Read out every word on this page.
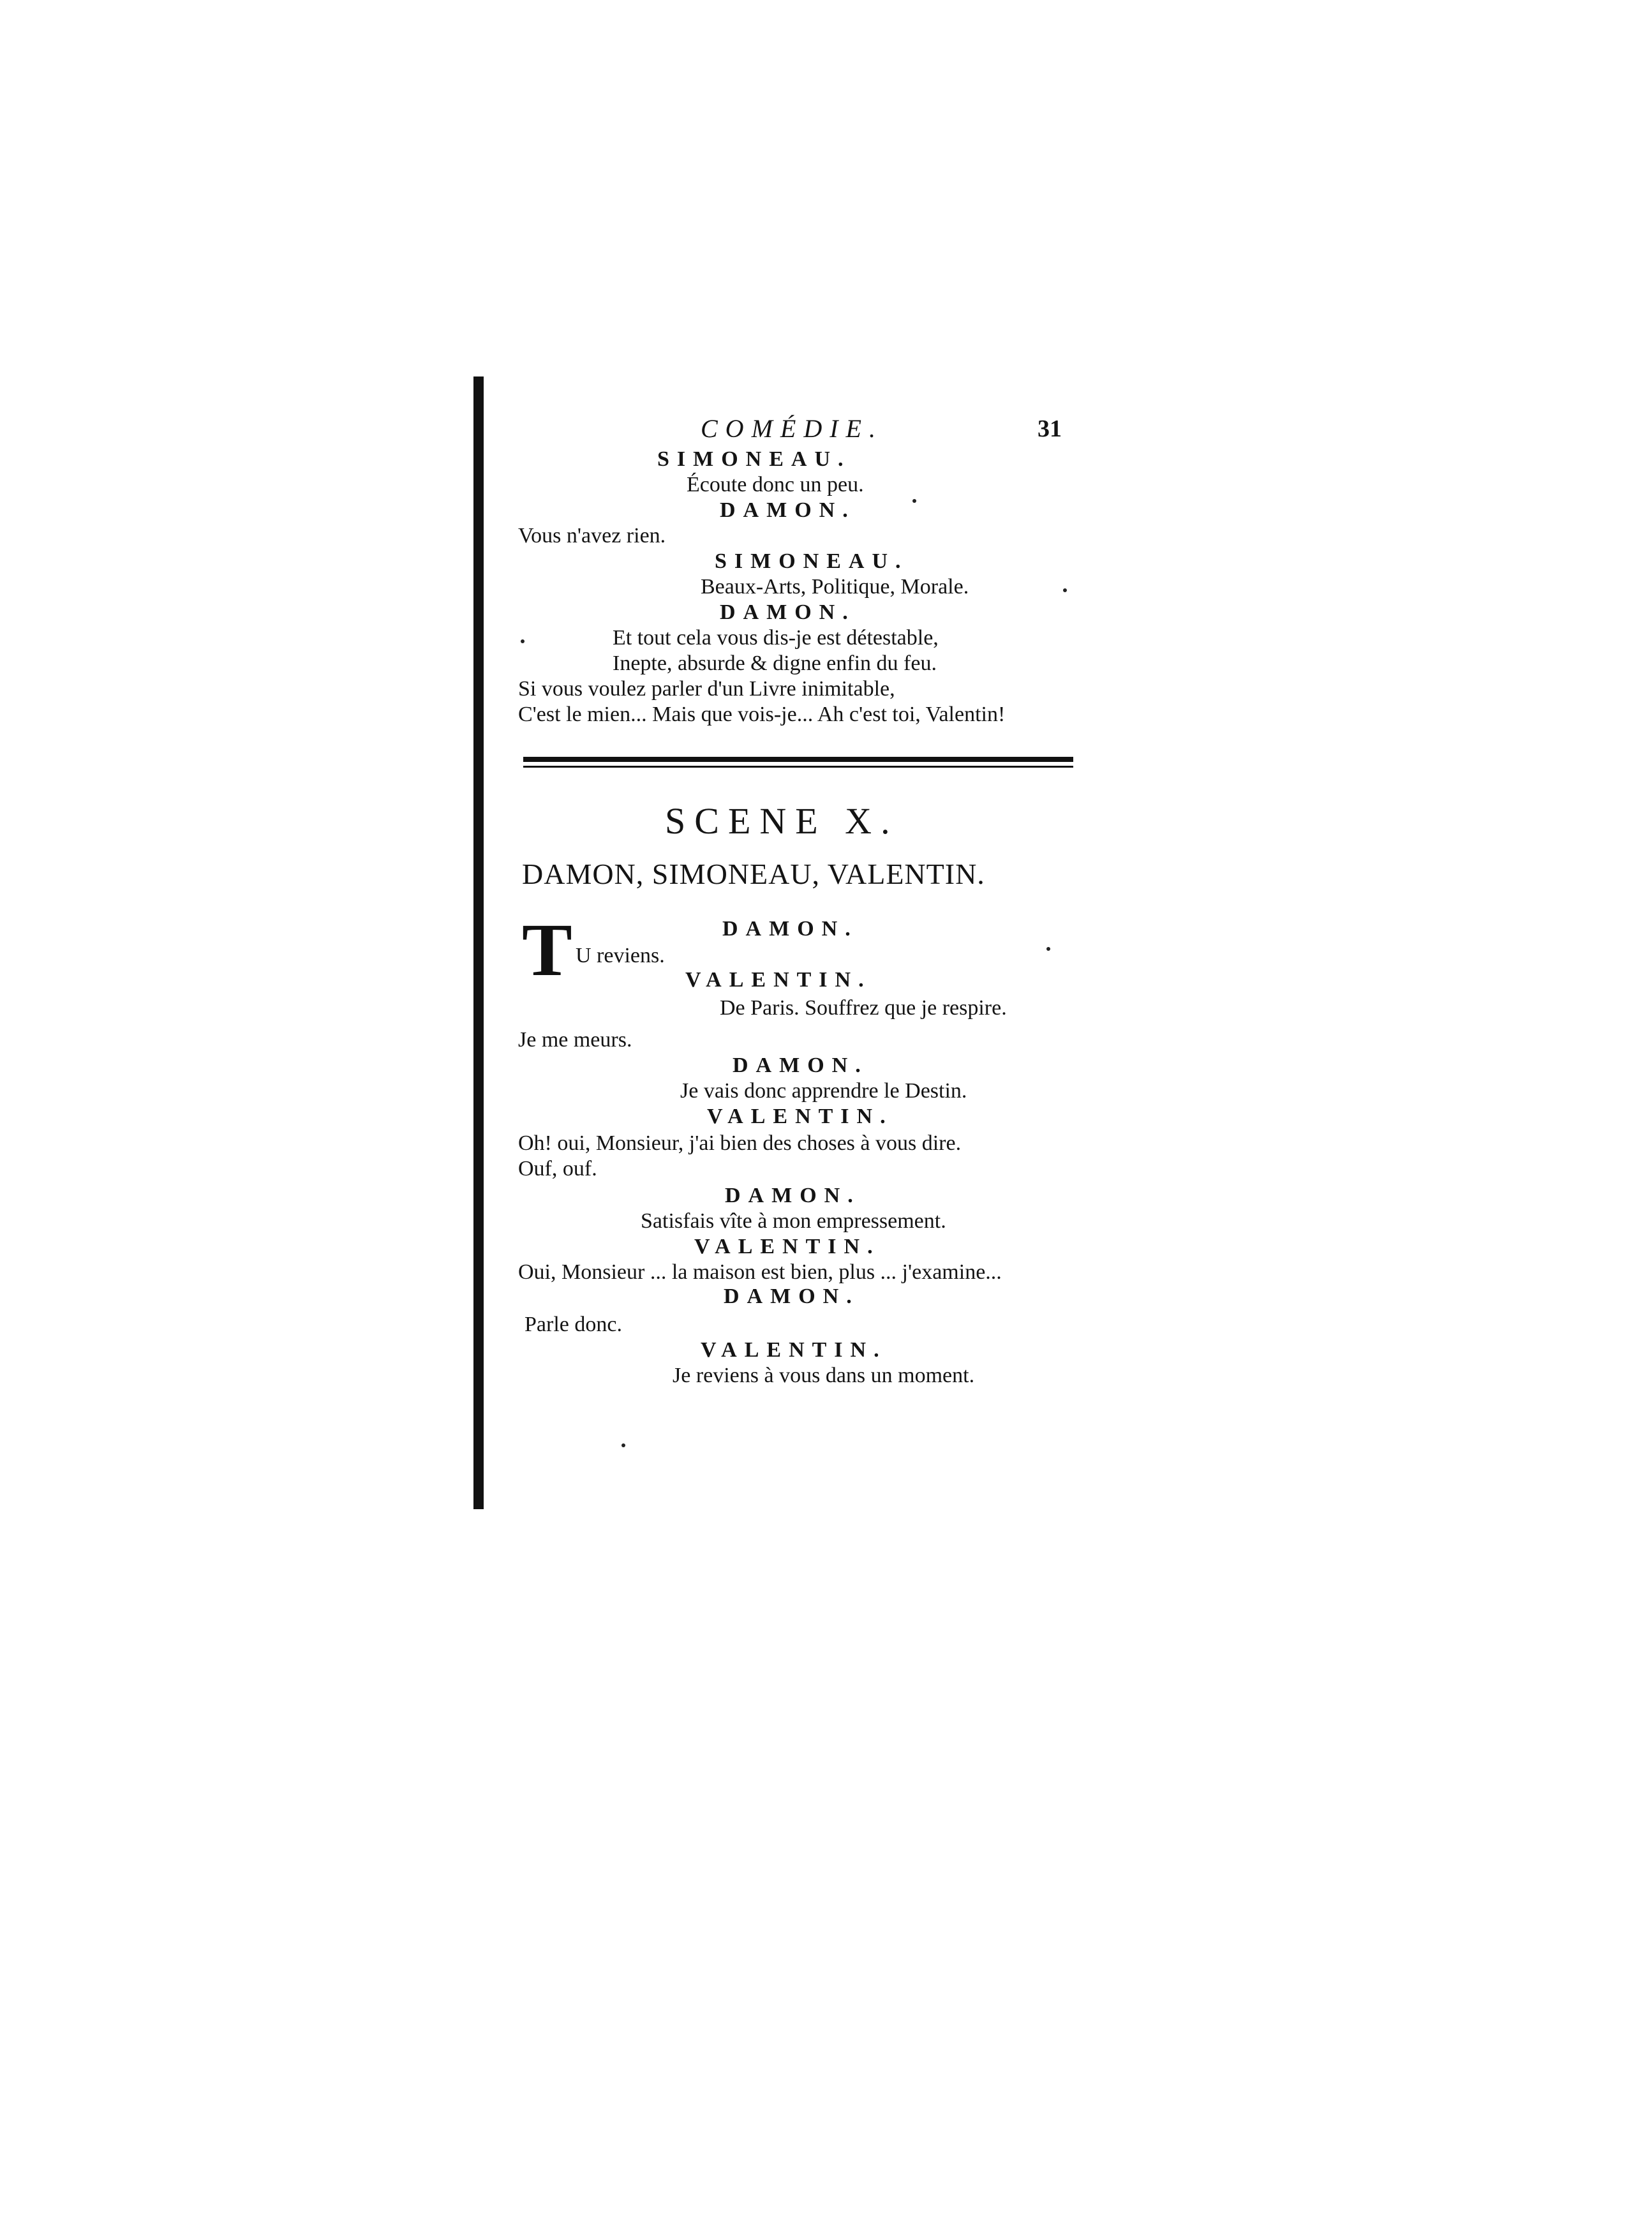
COMÉDIE.	31
SIMONEAU.
Écoute donc un peu.
DAMON.
Vous n'avez rien.
SIMONEAU.
Beaux-Arts, Politique, Morale.
DAMON.
Et tout cela vous dis-je est détestable,
Inepte, absurde & digne enfin du feu.
Si vous voulez parler d'un Livre inimitable,
C'est le mien... Mais que vois-je... Ah c'est toi, Valentin!
SCENE X.
DAMON, SIMONEAU, VALENTIN.
T	DAMON.
U reviens.
VALENTIN.
De Paris. Souffrez que je respire.
Je me meurs.
DAMON.
Je vais donc apprendre le Destin.
VALENTIN.
Oh! oui, Monsieur, j'ai bien des choses à vous dire.
Ouf, ouf.
DAMON.
Satisfais vîte à mon empressement.
VALENTIN.
Oui, Monsieur ... la maison est bien, plus ... j'examine...
DAMON.
Parle donc.
VALENTIN.
Je reviens à vous dans un moment.
